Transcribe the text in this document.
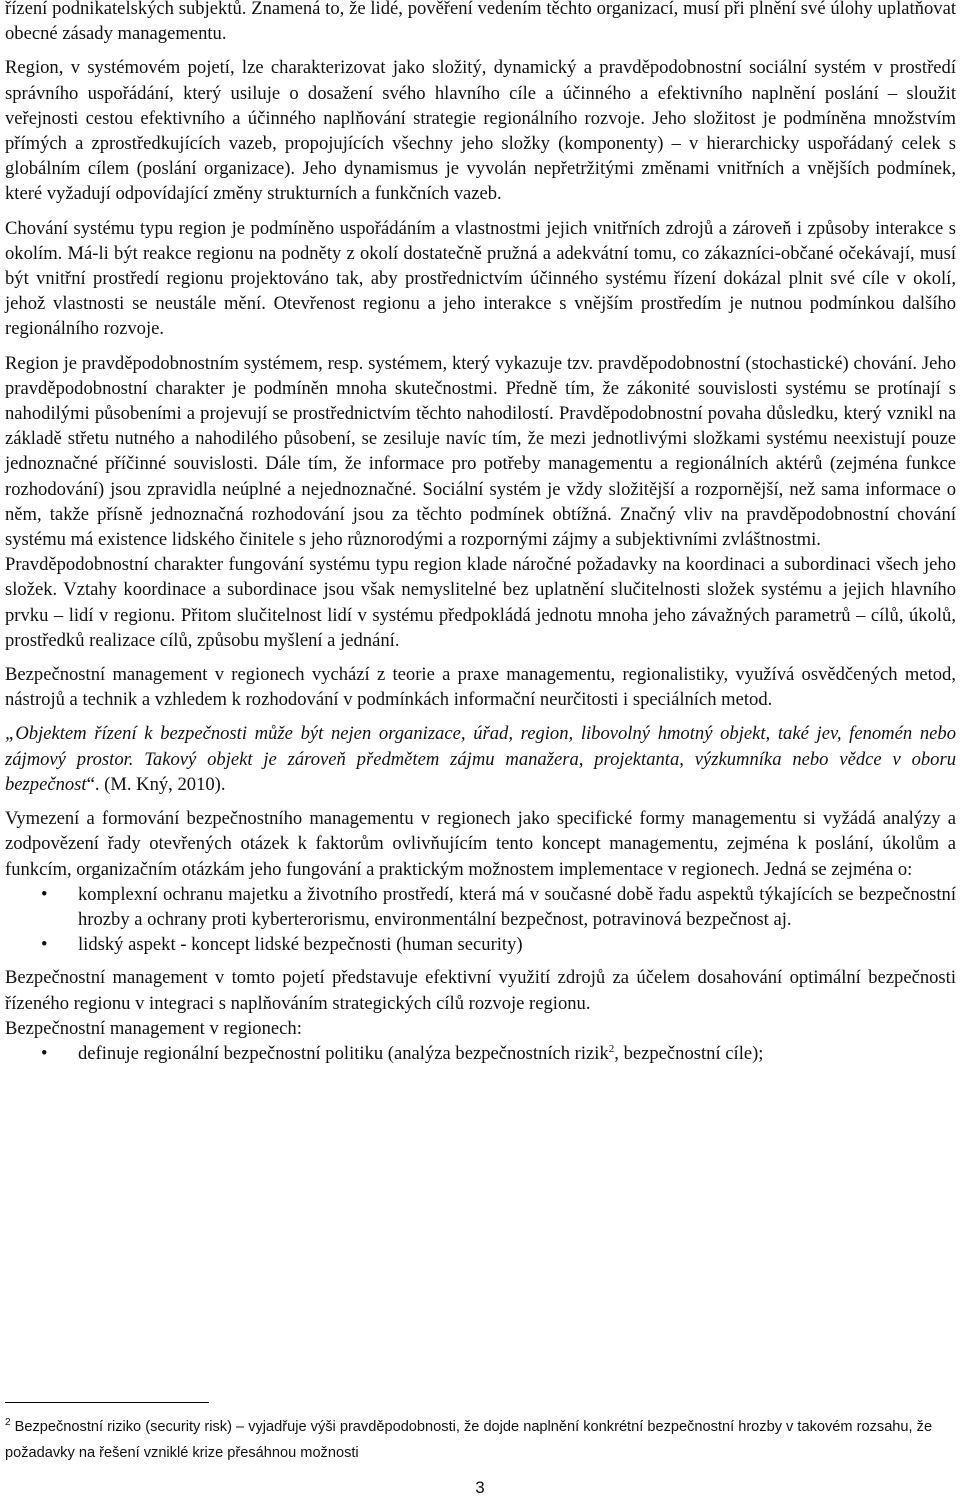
řízení podnikatelských subjektů. Znamená to, že lidé, pověření vedením těchto organizací, musí při plnění své úlohy uplatňovat obecné zásady managementu.

Region, v systémovém pojetí, lze charakterizovat jako složitý, dynamický a pravděpodobnostní sociální systém v prostředí správního uspořádání, který usiluje o dosažení svého hlavního cíle a účinného a efektivního naplnění poslání – sloužit veřejnosti cestou efektivního a účinného naplňování strategie regionálního rozvoje. Jeho složitost je podmíněna množstvím přímých a zprostředkujících vazeb, propojujících všechny jeho složky (komponenty) – v hierarchicky uspořádaný celek s globálním cílem (poslání organizace). Jeho dynamismus je vyvolán nepřetržitými změnami vnitřních a vnějších podmínek, které vyžadují odpovídající změny strukturních a funkčních vazeb.

Chování systému typu region je podmíněno uspořádáním a vlastnostmi jejich vnitřních zdrojů a zároveň i způsoby interakce s okolím. Má-li být reakce regionu na podněty z okolí dostatečně pružná a adekvátní tomu, co zákazníci-občané očekávají, musí být vnitřní prostředí regionu projektováno tak, aby prostřednictvím účinného systému řízení dokázal plnit své cíle v okolí, jehož vlastnosti se neustále mění. Otevřenost regionu a jeho interakce s vnějším prostředím je nutnou podmínkou dalšího regionálního rozvoje.

Region je pravděpodobnostním systémem, resp. systémem, který vykazuje tzv. pravděpodobnostní (stochastické) chování. Jeho pravděpodobnostní charakter je podmíněn mnoha skutečnostmi. Předně tím, že zákonité souvislosti systému se protínají s nahodilými působeními a projevují se prostřednictvím těchto nahodilostí. Pravděpodobnostní povaha důsledku, který vznikl na základě střetu nutného a nahodilého působení, se zesiluje navíc tím, že mezi jednotlivými složkami systému neexistují pouze jednoznačné příčinné souvislosti. Dále tím, že informace pro potřeby managementu a regionálních aktérů (zejména funkce rozhodování) jsou zpravidla neúplné a nejednoznačné. Sociální systém je vždy složitější a rozpornější, než sama informace o něm, takže přísně jednoznačná rozhodování jsou za těchto podmínek obtížná. Značný vliv na pravděpodobnostní chování systému má existence lidského činitele s jeho různorodými a rozpornými zájmy a subjektivními zvláštnostmi.

Pravděpodobnostní charakter fungování systému typu region klade náročné požadavky na koordinaci a subordinaci všech jeho složek. Vztahy koordinace a subordinace jsou však nemyslitelné bez uplatnění slučitelnosti složek systému a jejich hlavního prvku – lidí v regionu. Přitom slučitelnost lidí v systému předpokládá jednotu mnoha jeho závažných parametrů – cílů, úkolů, prostředků realizace cílů, způsobu myšlení a jednání.

Bezpečnostní management v regionech vychází z teorie a praxe managementu, regionalistiky, využívá osvědčených metod, nástrojů a technik a vzhledem k rozhodování v podmínkách informační neurčitosti i speciálních metod.

„Objektem řízení k bezpečnosti může být nejen organizace, úřad, region, libovolný hmotný objekt, také jev, fenomén nebo zájmový prostor. Takový objekt je zároveň předmětem zájmu manažera, projektanta, výzkumníka nebo vědce v oboru bezpečnost“. (M. Kný, 2010).

Vymezení a formování bezpečnostního managementu v regionech jako specifické formy managementu si vyžádá analýzy a zodpovězení řady otevřených otázek k faktorům ovlivňujícím tento koncept managementu, zejména k poslání, úkolům a funkcím, organizačním otázkám jeho fungování a praktickým možnostem implementace v regionech. Jedná se zejména o:

• komplexní ochranu majetku a životního prostředí, která má v současné době řadu aspektů týkajících se bezpečnostní hrozby a ochrany proti kyberterorismu, environmentální bezpečnost, potravinová bezpečnost aj.
• lidský aspekt - koncept lidské bezpečnosti (human security)

Bezpečnostní management v tomto pojetí představuje efektivní využití zdrojů za účelem dosahování optimální bezpečnosti řízeného regionu v integraci s naplňováním strategických cílů rozvoje regionu.

Bezpečnostní management v regionech:

• definuje regionální bezpečnostní politiku (analýza bezpečnostních rizik$^2$, bezpečnostní cíle);
$^2$ Bezpečnostní riziko (security risk) – vyjadřuje výši pravděpodobnosti, že dojde naplnění konkrétní bezpečnostní hrozby v takovém rozsahu, že požadavky na řešení vzniklé krize přesáhnou možnosti
3
